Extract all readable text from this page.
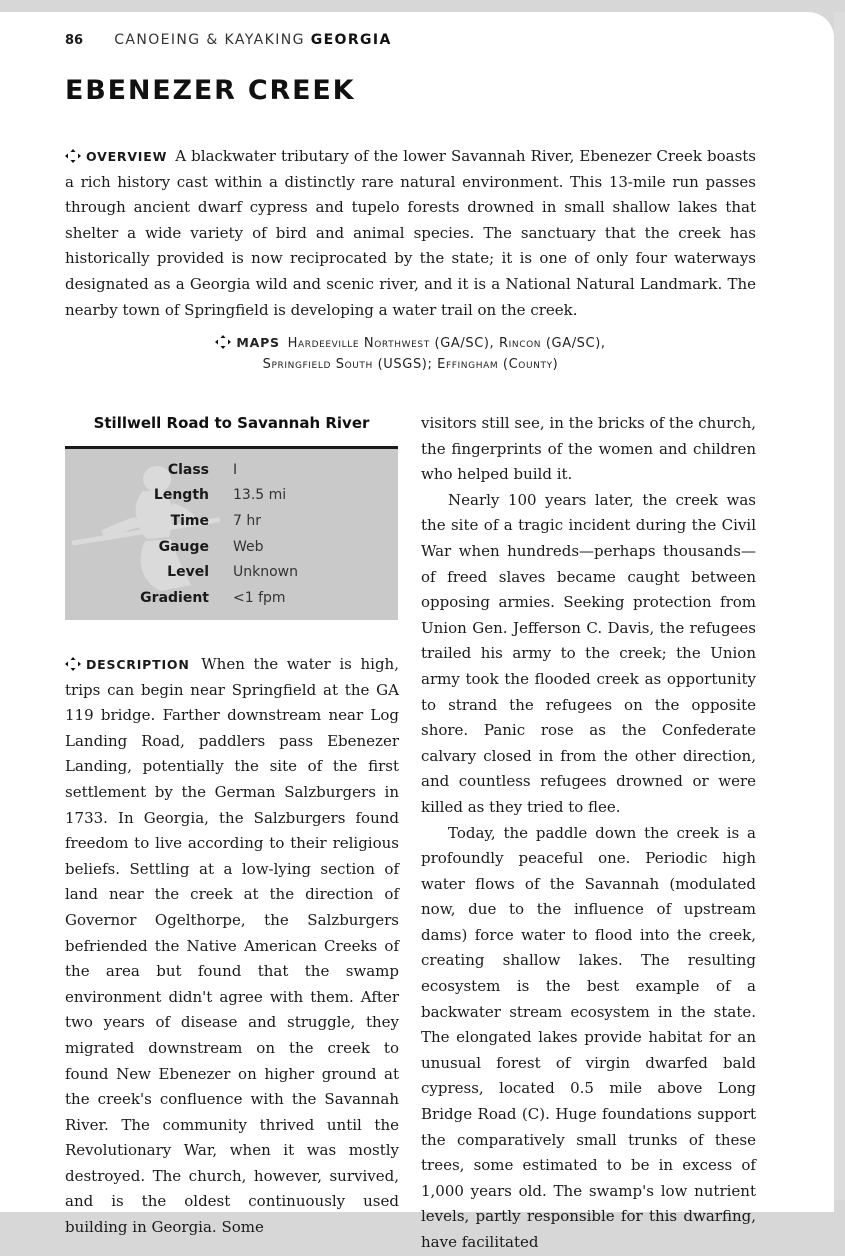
86 CANOEING & KAYAKING GEORGIA
EBENEZER CREEK
OVERVIEW A blackwater tributary of the lower Savannah River, Ebenezer Creek boasts a rich history cast within a distinctly rare natural environment. This 13-mile run passes through ancient dwarf cypress and tupelo forests drowned in small shallow lakes that shelter a wide variety of bird and animal species. The sanctuary that the creek has historically provided is now reciprocated by the state; it is one of only four waterways designated as a Georgia wild and scenic river, and it is a National Natural Landmark. The nearby town of Springfield is developing a water trail on the creek.
MAPS Hardeeville Northwest (GA/SC), Rincon (GA/SC),
Springfield South (USGS); Effingham (County)
Stillwell Road to Savannah River
Class	I
Length	13.5 mi
Time	7 hr
Gauge	Web
Level	Unknown
Gradient	<1 fpm
DESCRIPTION When the water is high, trips can begin near Springfield at the GA 119 bridge. Farther downstream near Log Landing Road, paddlers pass Ebenezer Landing, potentially the site of the first settlement by the German Salzburgers in 1733. In Georgia, the Salzburgers found freedom to live according to their religious beliefs. Settling at a low-lying section of land near the creek at the direction of Governor Ogelthorpe, the Salzburgers befriended the Native American Creeks of the area but found that the swamp environment didn't agree with them. After two years of disease and struggle, they migrated downstream on the creek to found New Ebenezer on higher ground at the creek's confluence with the Savannah River. The community thrived until the Revolutionary War, when it was mostly destroyed. The church, however, survived, and is the oldest continuously used building in Georgia. Some

visitors still see, in the bricks of the church, the fingerprints of the women and children who helped build it.

Nearly 100 years later, the creek was the site of a tragic incident during the Civil War when hundreds—perhaps thousands—of freed slaves became caught between opposing armies. Seeking protection from Union Gen. Jefferson C. Davis, the refugees trailed his army to the creek; the Union army took the flooded creek as opportunity to strand the refugees on the opposite shore. Panic rose as the Confederate calvary closed in from the other direction, and countless refugees drowned or were killed as they tried to flee.

Today, the paddle down the creek is a profoundly peaceful one. Periodic high water flows of the Savannah (modulated now, due to the influence of upstream dams) force water to flood into the creek, creating shallow lakes. The resulting ecosystem is the best example of a backwater stream ecosystem in the state. The elongated lakes provide habitat for an unusual forest of virgin dwarfed bald cypress, located 0.5 mile above Long Bridge Road (C). Huge foundations support the comparatively small trunks of these trees, some estimated to be in excess of 1,000 years old. The swamp's low nutrient levels, partly responsible for this dwarfing, have facilitated
